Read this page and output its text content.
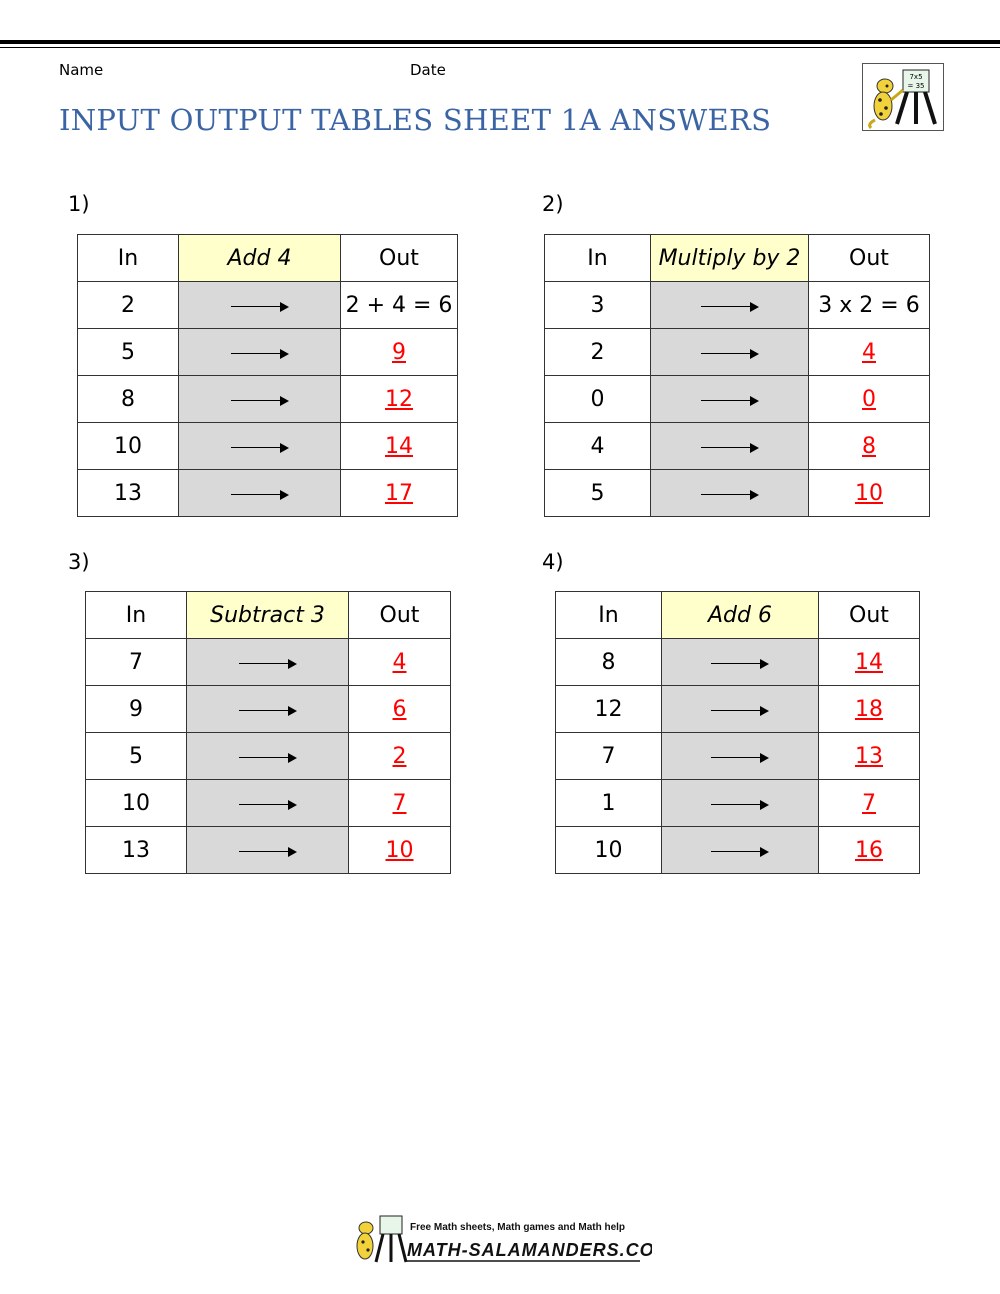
Name	Date
INPUT OUTPUT TABLES SHEET 1A ANSWERS
7x5
= 35
1)
In	Add 4	Out
2		2 + 4 = 6
5		9
8		12
10		14
13		17
2)
In	Multiply by 2	Out
3		3 x 2 = 6
2		4
0		0
4		8
5		10
3)
In	Subtract 3	Out
7		4
9		6
5		2
10		7
13		10
4)
In	Add 6	Out
8		14
12		18
7		13
1		7
10		16
Free Math sheets, Math games and Math help
MATH-SALAMANDERS.COM
